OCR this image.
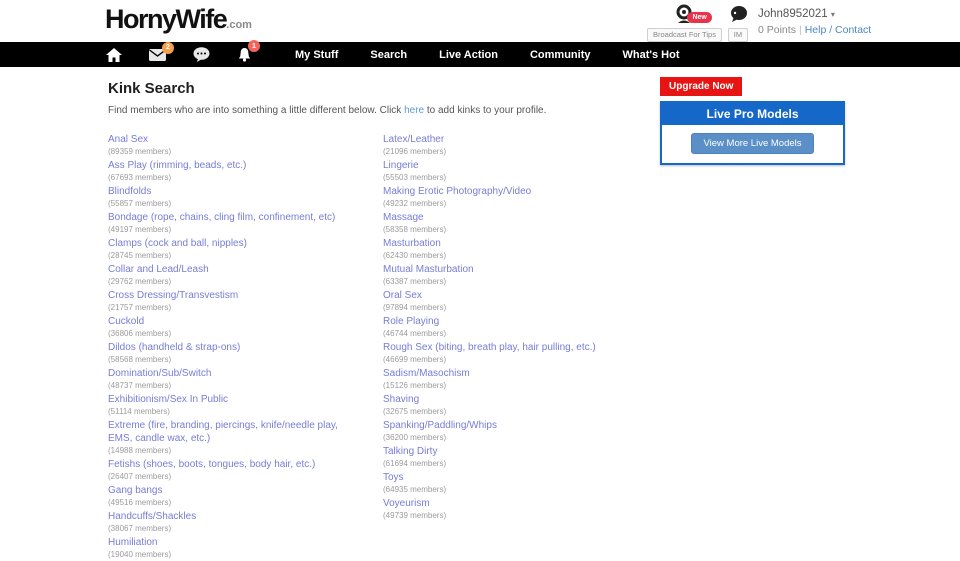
HornyWife.com
New
Broadcast For Tips	IM
John8952021 ▾
0 Points | Help / Contact
2	1
My Stuff	Search	Live Action	Community	What's Hot
Kink Search
Find members who are into something a little different below. Click here to add kinks to your profile.
Anal Sex
(89359 members)
Ass Play (rimming, beads, etc.)
(67693 members)
Blindfolds
(55857 members)
Bondage (rope, chains, cling film, confinement, etc)
(49197 members)
Clamps (cock and ball, nipples)
(28745 members)
Collar and Lead/Leash
(29762 members)
Cross Dressing/Transvestism
(21757 members)
Cuckold
(36806 members)
Dildos (handheld & strap-ons)
(58568 members)
Domination/Sub/Switch
(48737 members)
Exhibitionism/Sex In Public
(51114 members)
Extreme (fire, branding, piercings, knife/needle play, EMS, candle wax, etc.)
(14988 members)
Fetishs (shoes, boots, tongues, body hair, etc.)
(26407 members)
Gang bangs
(49516 members)
Handcuffs/Shackles
(38067 members)
Humiliation
(19040 members)
Latex/Leather
(21096 members)
Lingerie
(55503 members)
Making Erotic Photography/Video
(49232 members)
Massage
(58358 members)
Masturbation
(62430 members)
Mutual Masturbation
(63387 members)
Oral Sex
(97894 members)
Role Playing
(46744 members)
Rough Sex (biting, breath play, hair pulling, etc.)
(46699 members)
Sadism/Masochism
(15126 members)
Shaving
(32675 members)
Spanking/Paddling/Whips
(36200 members)
Talking Dirty
(61694 members)
Toys
(64935 members)
Voyeurism
(49739 members)
Upgrade Now
Live Pro Models
View More Live Models
